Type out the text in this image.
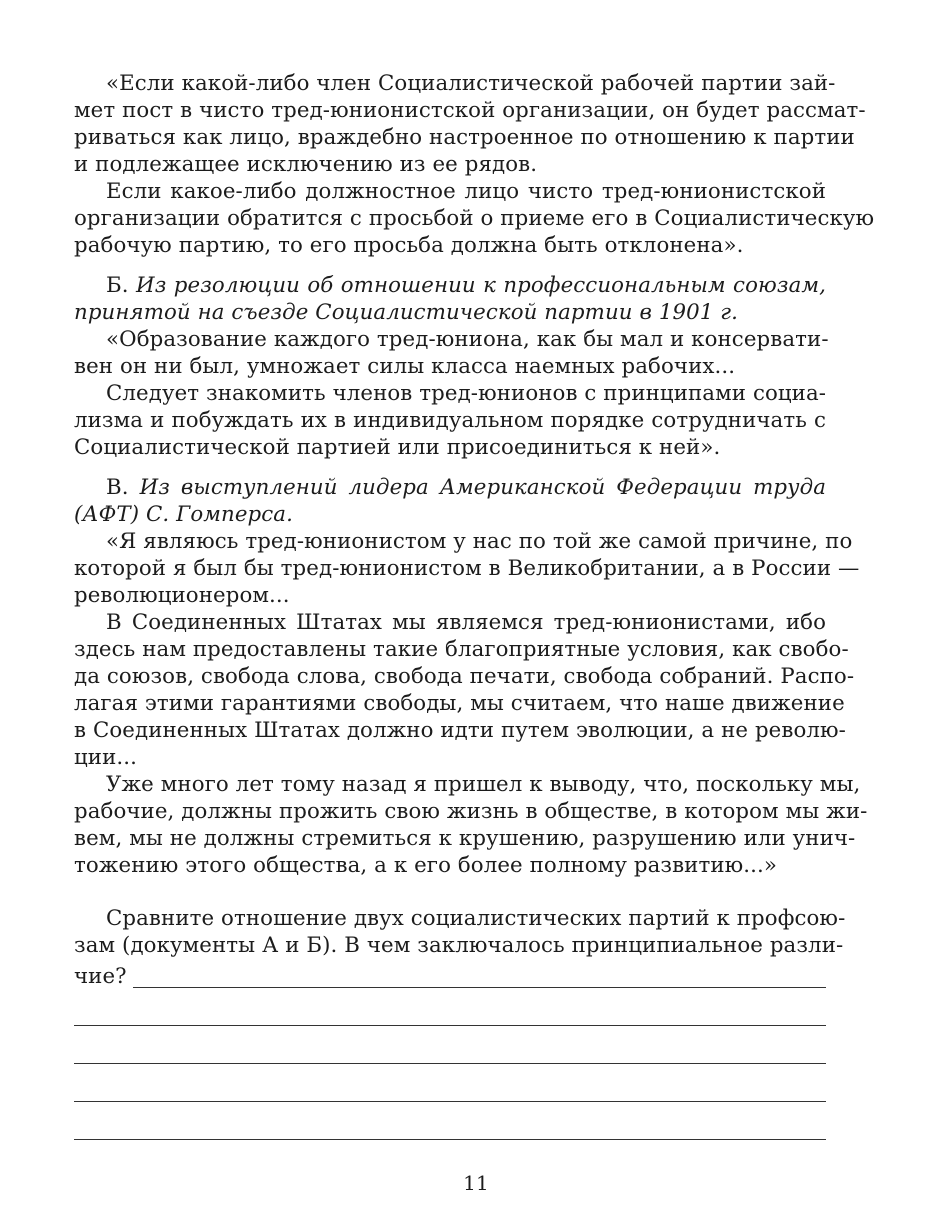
«Если какой-либо член Социалистической рабочей партии зай-
мет пост в чисто тред-юнионистской организации, он будет рассмат-
риваться как лицо, враждебно настроенное по отношению к партии
и подлежащее исключению из ее рядов.
Если какое-либо должностное лицо чисто тред-юнионистской
организации обратится с просьбой о приеме его в Социалистическую
рабочую партию, то его просьба должна быть отклонена».
Б. Из резолюции об отношении к профессиональным союзам,
принятой на съезде Социалистической партии в 1901 г.
«Образование каждого тред-юниона, как бы мал и консервати-
вен он ни был, умножает силы класса наемных рабочих...
Следует знакомить членов тред-юнионов с принципами социа-
лизма и побуждать их в индивидуальном порядке сотрудничать с
Социалистической партией или присоединиться к ней».
В. Из выступлений лидера Американской Федерации труда
(АФТ) С. Гомперса.
«Я являюсь тред-юнионистом у нас по той же самой причине, по
которой я был бы тред-юнионистом в Великобритании, а в России —
революционером...
В Соединенных Штатах мы являемся тред-юнионистами, ибо
здесь нам предоставлены такие благоприятные условия, как свобо-
да союзов, свобода слова, свобода печати, свобода собраний. Распо-
лагая этими гарантиями свободы, мы считаем, что наше движение
в Соединенных Штатах должно идти путем эволюции, а не револю-
ции...
Уже много лет тому назад я пришел к выводу, что, поскольку мы,
рабочие, должны прожить свою жизнь в обществе, в котором мы жи-
вем, мы не должны стремиться к крушению, разрушению или унич-
тожению этого общества, а к его более полному развитию...»
Сравните отношение двух социалистических партий к профсою-
зам (документы А и Б). В чем заключалось принципиальное разли-
чие?
11
